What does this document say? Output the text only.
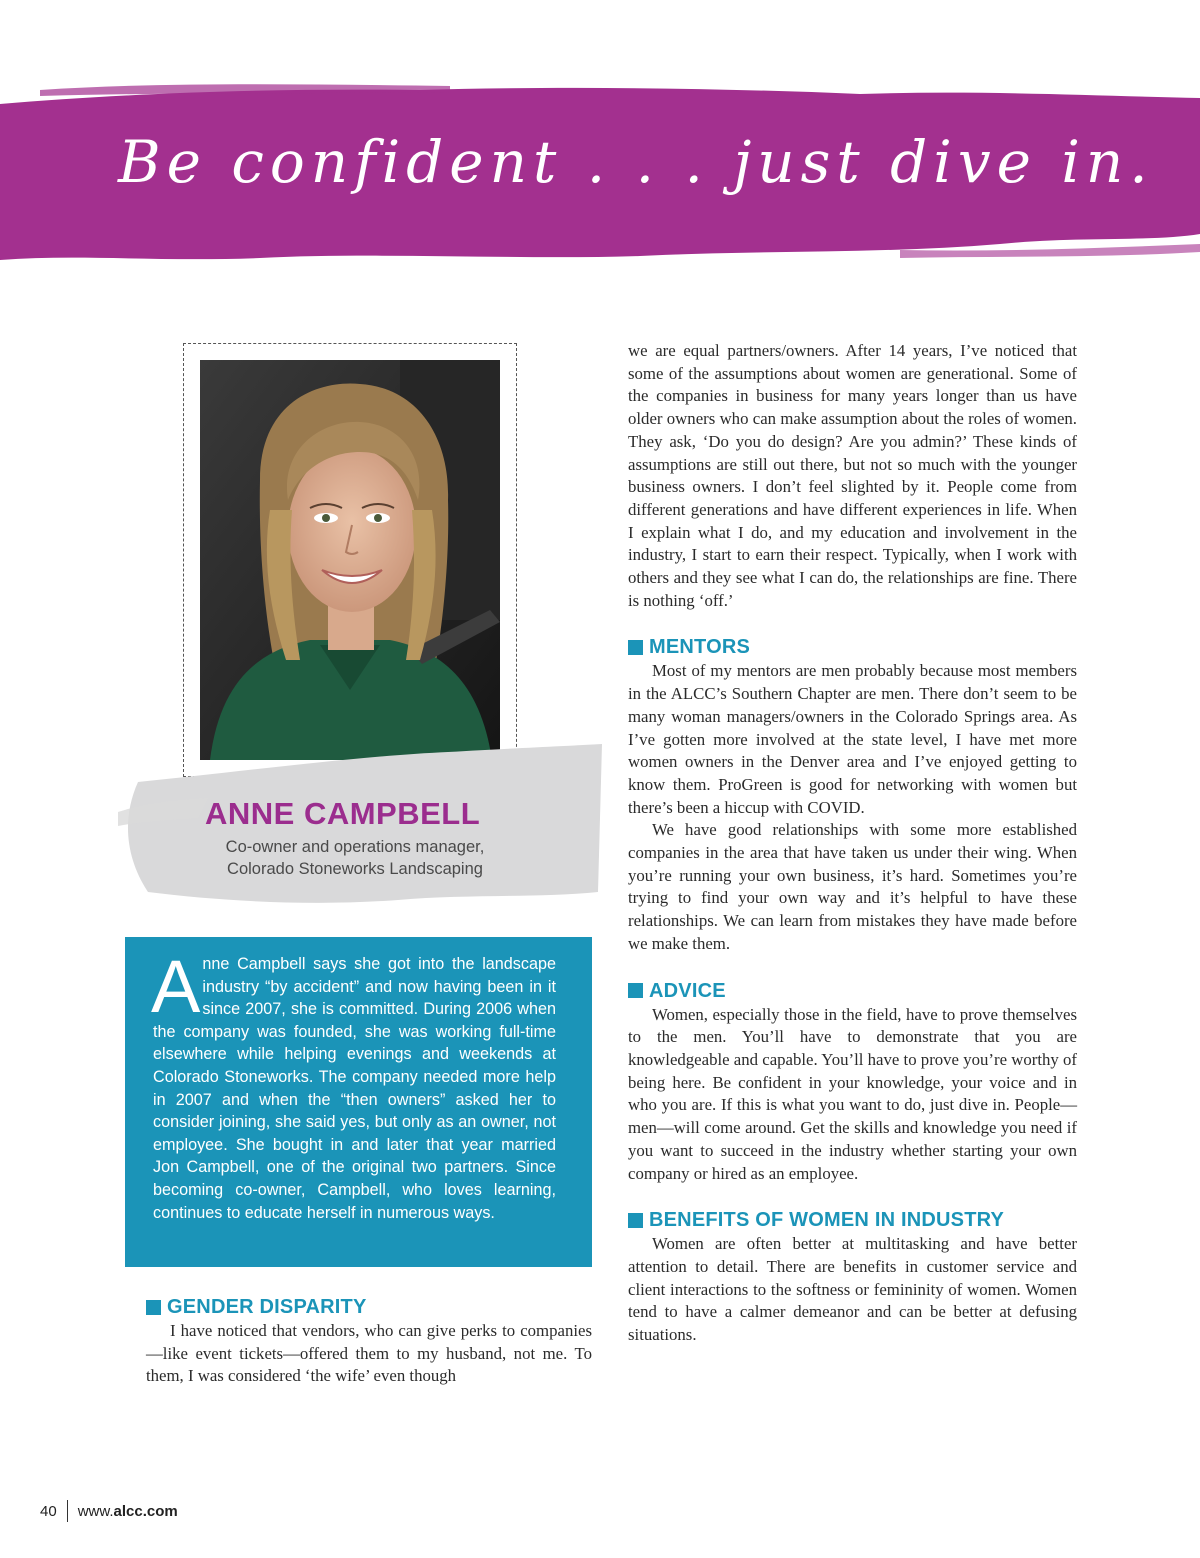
Be confident . . . just dive in.
ANNE CAMPBELL
Co-owner and operations manager,
Colorado Stoneworks Landscaping
A nne Campbell says she got into the landscape industry “by accident” and now having been in it since 2007, she is committed. During 2006 when the company was founded, she was working full-time elsewhere while helping evenings and weekends at Colorado Stoneworks. The company needed more help in 2007 and when the “then owners” asked her to consider joining, she said yes, but only as an owner, not employee. She bought in and later that year married Jon Campbell, one of the original two partners. Since becoming co-owner, Campbell, who loves learning, continues to educate herself in numerous ways.
GENDER DISPARITY

I have noticed that vendors, who can give perks to companies—like event tickets—offered them to my husband, not me. To them, I was considered ‘the wife’ even though

we are equal partners/owners. After 14 years, I’ve noticed that some of the assumptions about women are generational. Some of the companies in business for many years longer than us have older owners who can make assumption about the roles of women. They ask, ‘Do you do design? Are you admin?’ These kinds of assumptions are still out there, but not so much with the younger business owners. I don’t feel slighted by it. People come from different generations and have different experiences in life. When I explain what I do, and my education and involvement in the industry, I start to earn their respect. Typically, when I work with others and they see what I can do, the relationships are fine. There is nothing ‘off.’

MENTORS

Most of my mentors are men probably because most members in the ALCC’s Southern Chapter are men. There don’t seem to be many woman managers/owners in the Colorado Springs area. As I’ve gotten more involved at the state level, I have met more women owners in the Denver area and I’ve enjoyed getting to know them. ProGreen is good for networking with women but there’s been a hiccup with COVID.

We have good relationships with some more established companies in the area that have taken us under their wing. When you’re running your own business, it’s hard. Sometimes you’re trying to find your own way and it’s helpful to have these relationships. We can learn from mistakes they have made before we make them.

ADVICE

Women, especially those in the field, have to prove themselves to the men. You’ll have to demonstrate that you are knowledgeable and capable. You’ll have to prove you’re worthy of being here. Be confident in your knowledge, your voice and in who you are. If this is what you want to do, just dive in. People—men—will come around. Get the skills and knowledge you need if you want to succeed in the industry whether starting your own company or hired as an employee.

BENEFITS OF WOMEN IN INDUSTRY

Women are often better at multitasking and have better attention to detail. There are benefits in customer service and client interactions to the softness or femininity of women. Women tend to have a calmer demeanor and can be better at defusing situations.

40 www.alcc.com
